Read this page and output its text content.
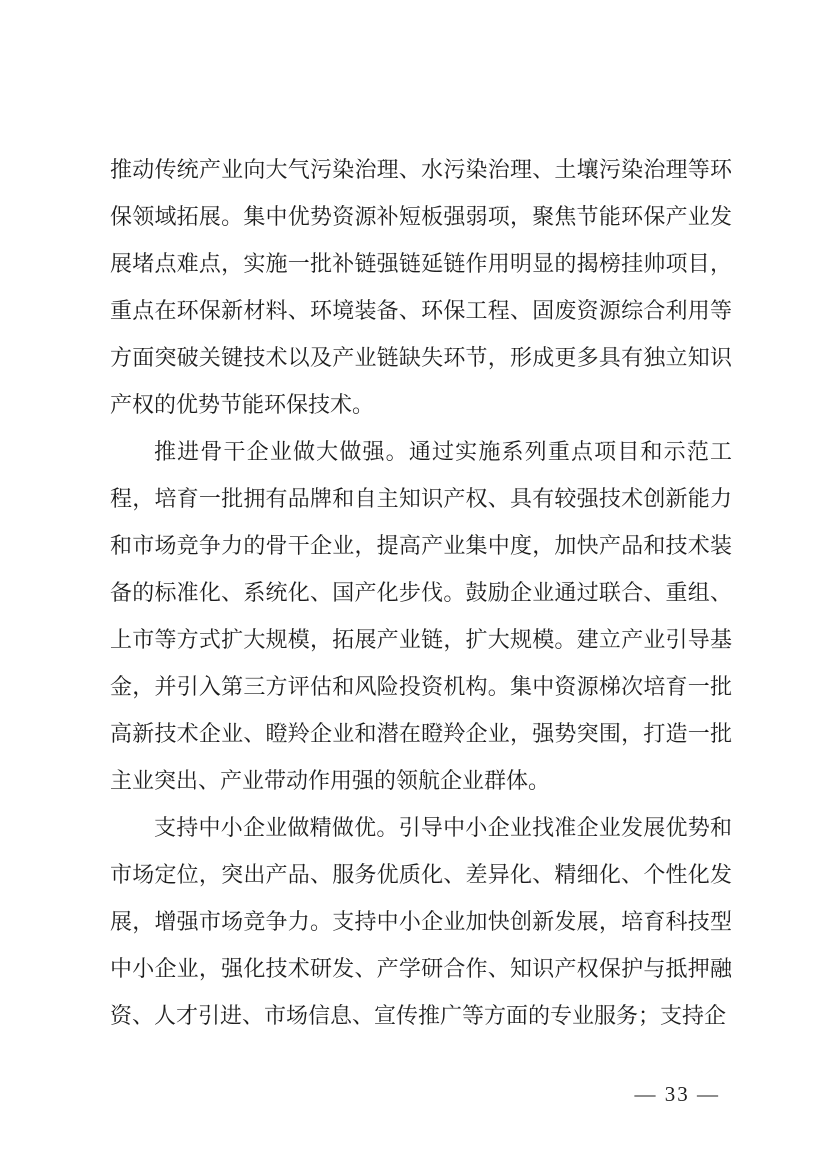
推动传统产业向大气污染治理、水污染治理、土壤污染治理等环保领域拓展。集中优势资源补短板强弱项，聚焦节能环保产业发展堵点难点，实施一批补链强链延链作用明显的揭榜挂帅项目，重点在环保新材料、环境装备、环保工程、固废资源综合利用等方面突破关键技术以及产业链缺失环节，形成更多具有独立知识产权的优势节能环保技术。

推进骨干企业做大做强。通过实施系列重点项目和示范工程，培育一批拥有品牌和自主知识产权、具有较强技术创新能力和市场竞争力的骨干企业，提高产业集中度，加快产品和技术装备的标准化、系统化、国产化步伐。鼓励企业通过联合、重组、上市等方式扩大规模，拓展产业链，扩大规模。建立产业引导基金，并引入第三方评估和风险投资机构。集中资源梯次培育一批高新技术企业、瞪羚企业和潜在瞪羚企业，强势突围，打造一批主业突出、产业带动作用强的领航企业群体。

支持中小企业做精做优。引导中小企业找准企业发展优势和市场定位，突出产品、服务优质化、差异化、精细化、个性化发展，增强市场竞争力。支持中小企业加快创新发展，培育科技型中小企业，强化技术研发、产学研合作、知识产权保护与抵押融资、人才引进、市场信息、宣传推广等方面的专业服务；支持企

— 33 —
